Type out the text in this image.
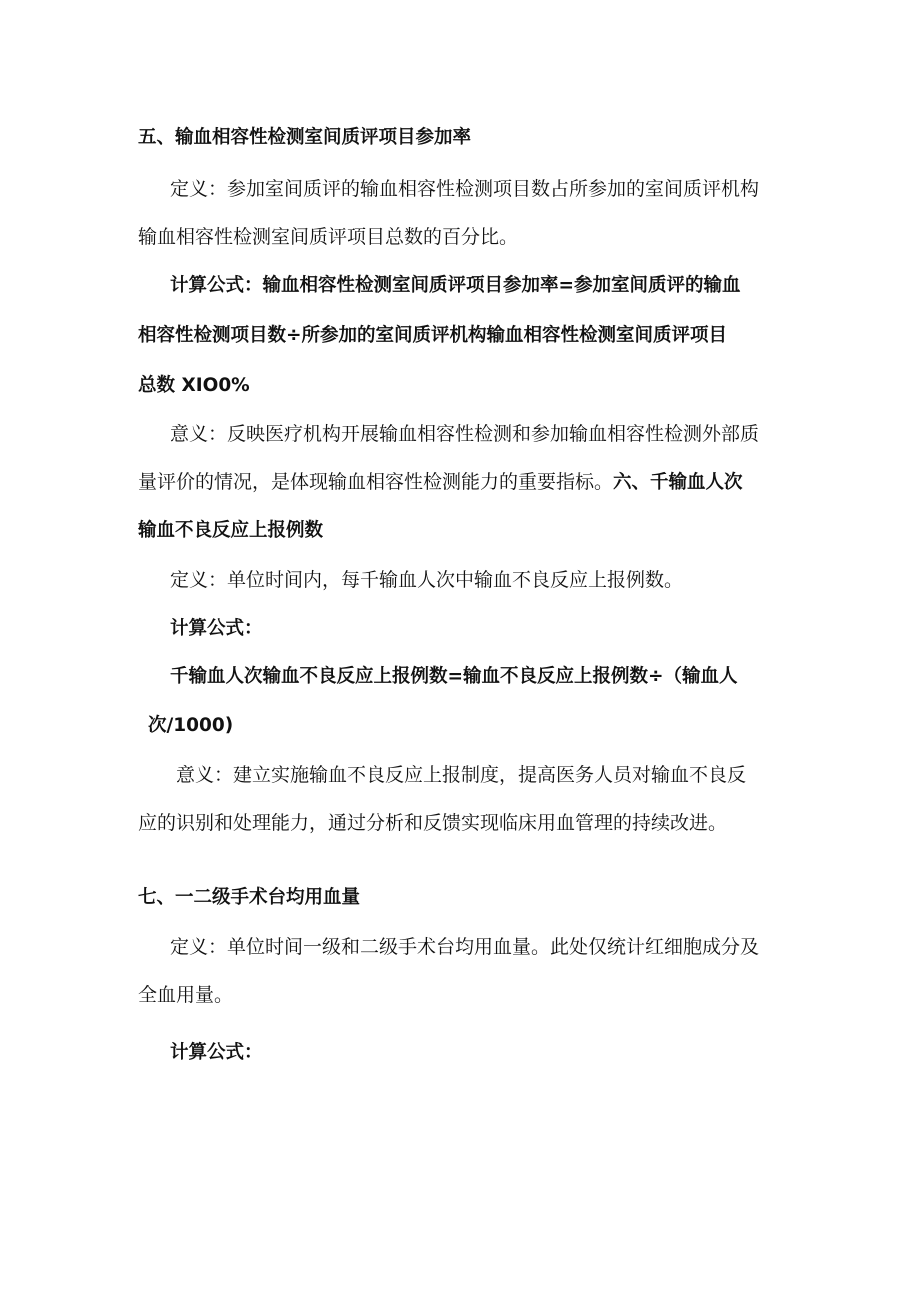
五、输血相容性检测室间质评项目参加率
定义：参加室间质评的输血相容性检测项目数占所参加的室间质评机构
输血相容性检测室间质评项目总数的百分比。
计算公式：输血相容性检测室间质评项目参加率=参加室间质评的输血
相容性检测项目数÷所参加的室间质评机构输血相容性检测室间质评项目
总数 XIO0%
意义：反映医疗机构开展输血相容性检测和参加输血相容性检测外部质
量评价的情况，是体现输血相容性检测能力的重要指标。六、千输血人次
输血不良反应上报例数
定义：单位时间内，每千输血人次中输血不良反应上报例数。
计算公式：
千输血人次输血不良反应上报例数=输血不良反应上报例数÷（输血人
次/1000)
意义：建立实施输血不良反应上报制度，提高医务人员对输血不良反
应的识别和处理能力，通过分析和反馈实现临床用血管理的持续改进。
七、一二级手术台均用血量
定义：单位时间一级和二级手术台均用血量。此处仅统计红细胞成分及
全血用量。
计算公式：
